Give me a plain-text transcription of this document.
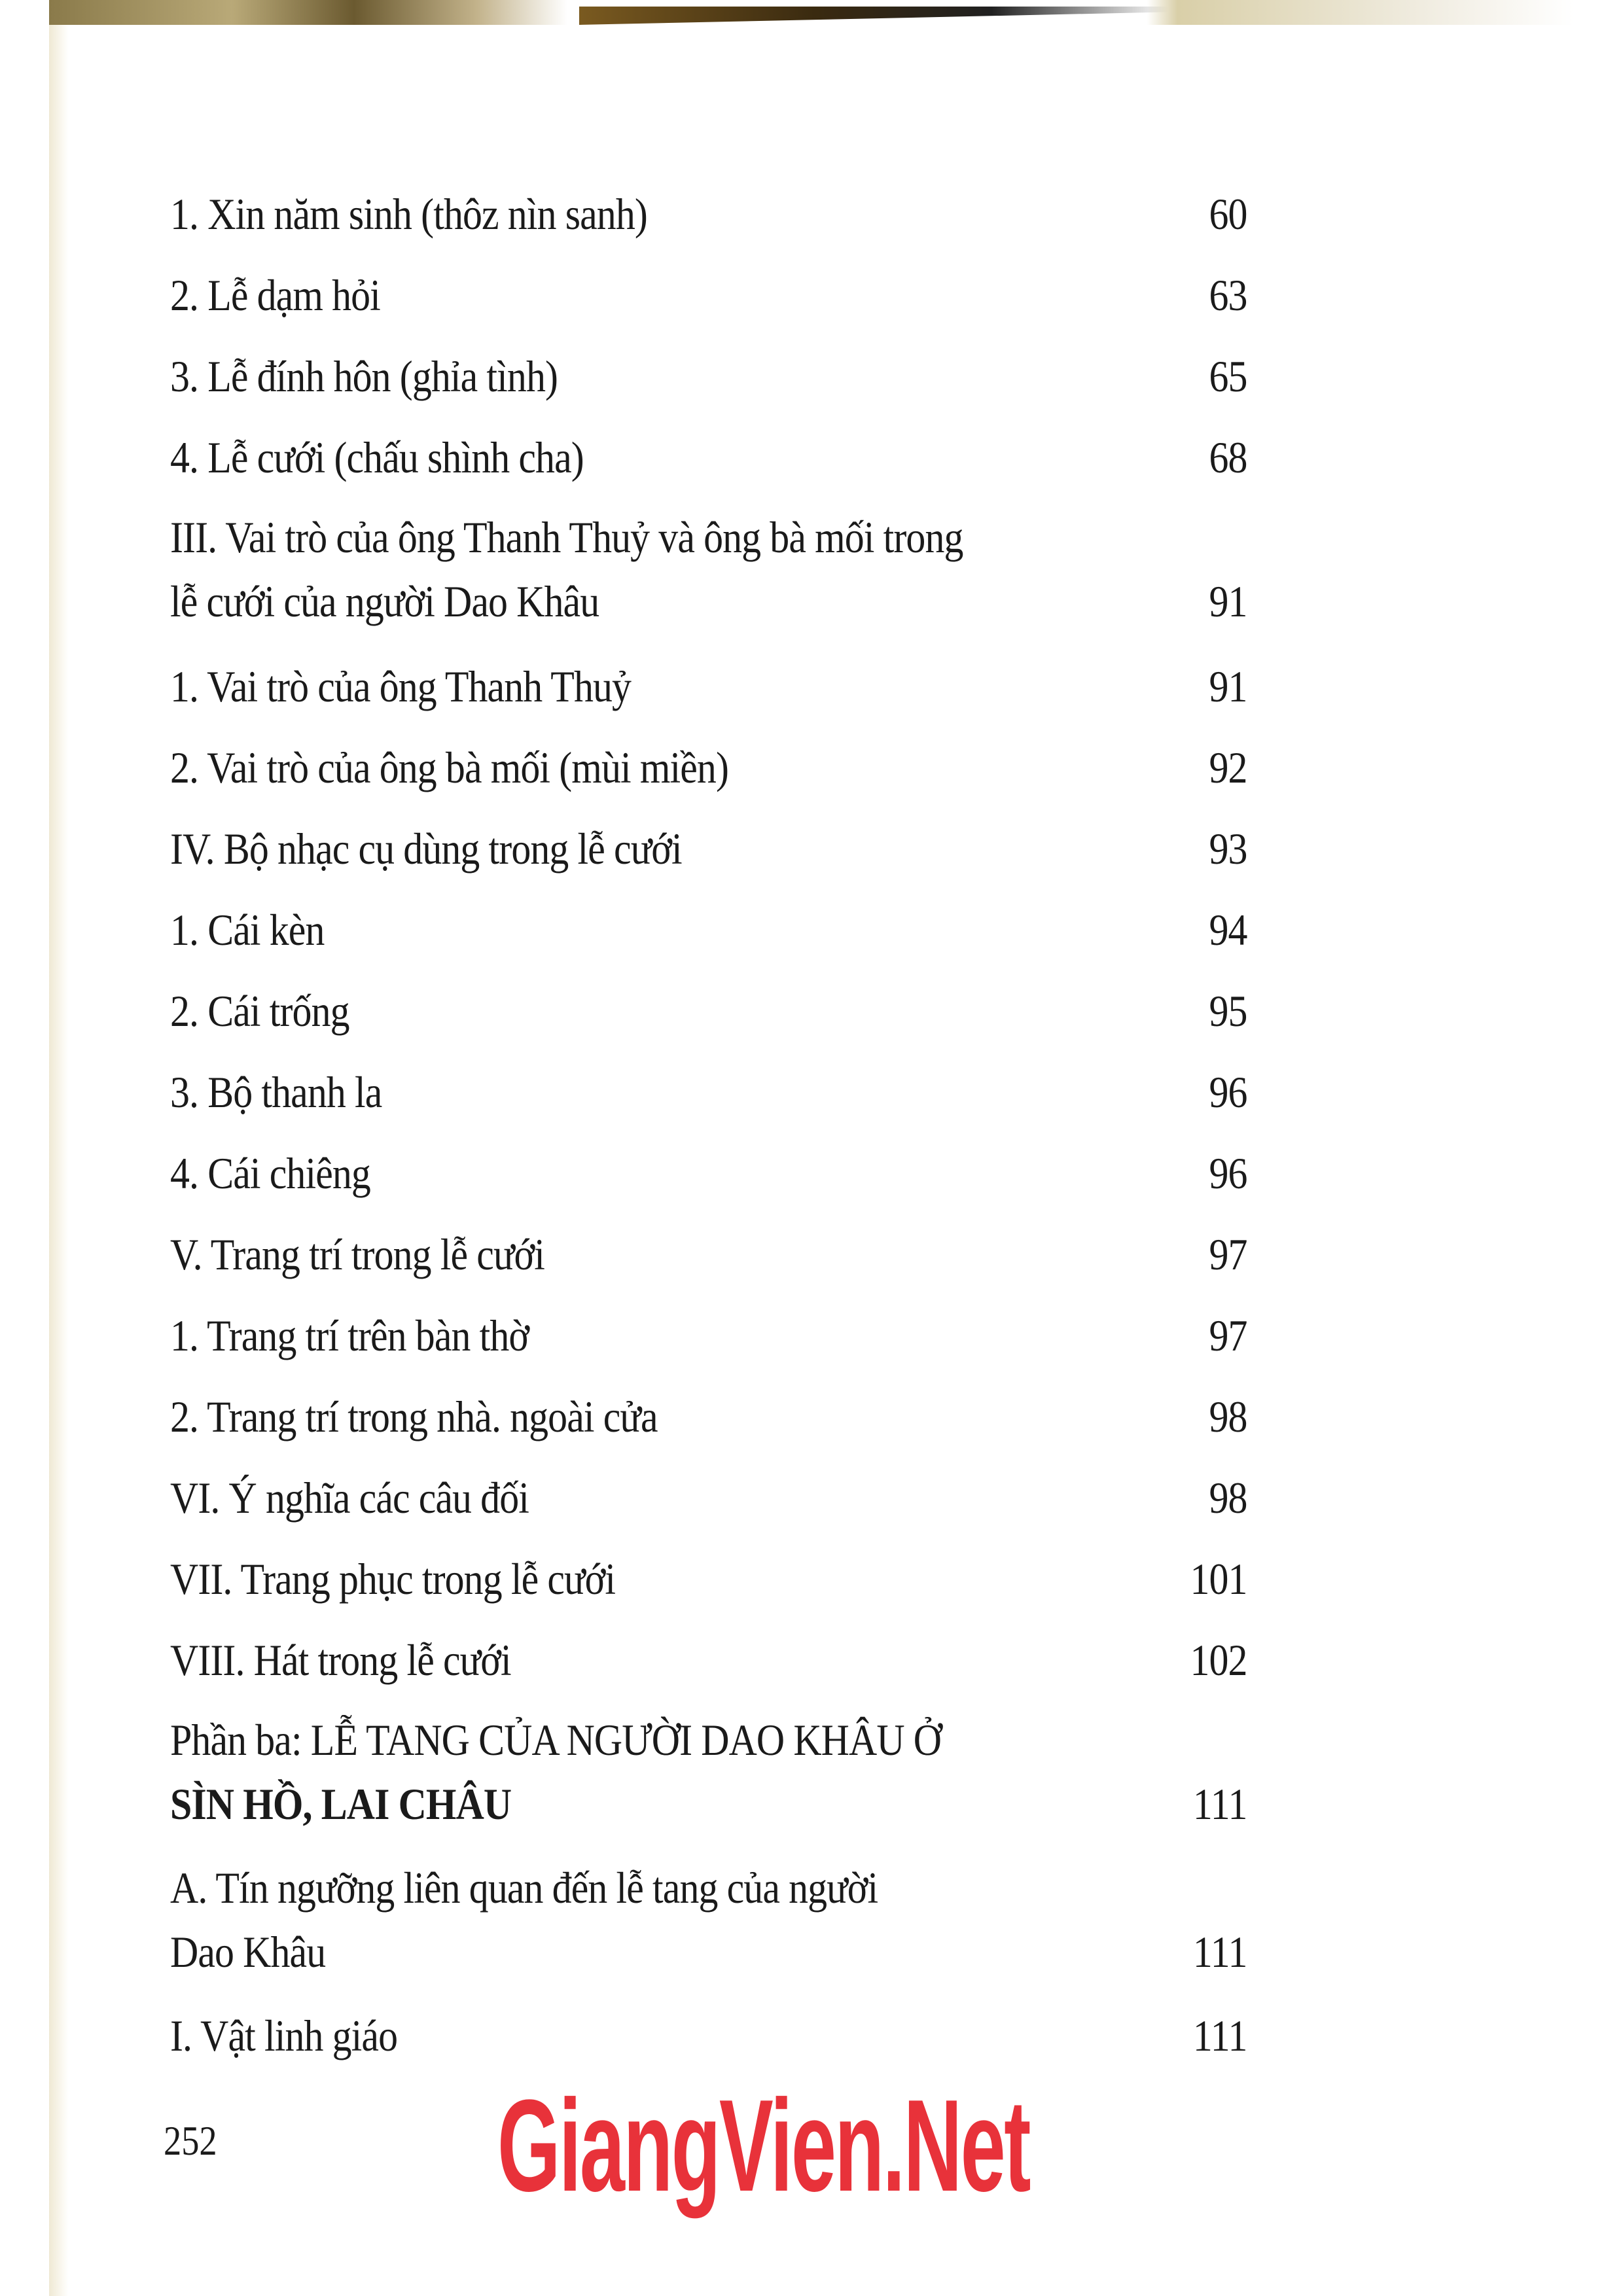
1. Xin năm sinh (thôz nìn sanh)	60
2. Lễ dạm hỏi	63
3. Lễ đính hôn (ghỉa tình)	65
4. Lễ cưới (chấu shình cha)	68
III. Vai trò của ông Thanh Thuỷ và ông bà mối trong
lễ cưới của người Dao Khâu	91
1. Vai trò của ông Thanh Thuỷ	91
2. Vai trò của ông bà mối (mùi miền)	92
IV. Bộ nhạc cụ dùng trong lễ cưới	93
1. Cái kèn	94
2. Cái trống	95
3. Bộ thanh la	96
4. Cái chiêng	96
V. Trang trí trong lễ cưới	97
1. Trang trí trên bàn thờ	97
2. Trang trí trong nhà. ngoài cửa	98
VI. Ý nghĩa các câu đối	98
VII. Trang phục trong lễ cưới	101
VIII. Hát trong lễ cưới	102
Phần ba: LỄ TANG CỦA NGƯỜI DAO KHÂU Ở
SÌN HỒ, LAI CHÂU	111
A. Tín ngưỡng liên quan đến lễ tang của người
Dao Khâu	111
I. Vật linh giáo	111
252 GiangVien.Net
